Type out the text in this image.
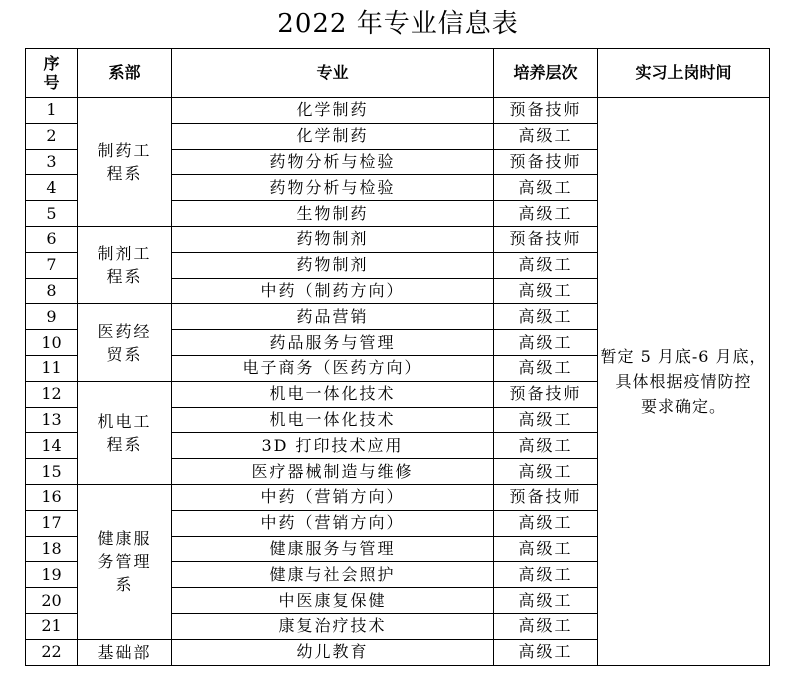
2022 年专业信息表
序
号	系部	专业	培养层次	实习上岗时间
1	制药工
程系	化学制药	预备技师	暂定 5 月底-6 月底，
具体根据疫情防控
要求确定。
2		化学制药	高级工	
3		药物分析与检验	预备技师	
4		药物分析与检验	高级工	
5		生物制药	高级工	
6	制剂工
程系	药物制剂	预备技师	
7		药物制剂	高级工	
8		中药（制药方向）	高级工	
9	医药经
贸系	药品营销	高级工	
10		药品服务与管理	高级工	
11		电子商务（医药方向）	高级工	
12	机电工
程系	机电一体化技术	预备技师	
13		机电一体化技术	高级工	
14		3D 打印技术应用	高级工	
15		医疗器械制造与维修	高级工	
16	健康服
务管理
系	中药（营销方向）	预备技师	
17		中药（营销方向）	高级工	
18		健康服务与管理	高级工	
19		健康与社会照护	高级工	
20		中医康复保健	高级工	
21		康复治疗技术	高级工	
22	基础部	幼儿教育	高级工	
